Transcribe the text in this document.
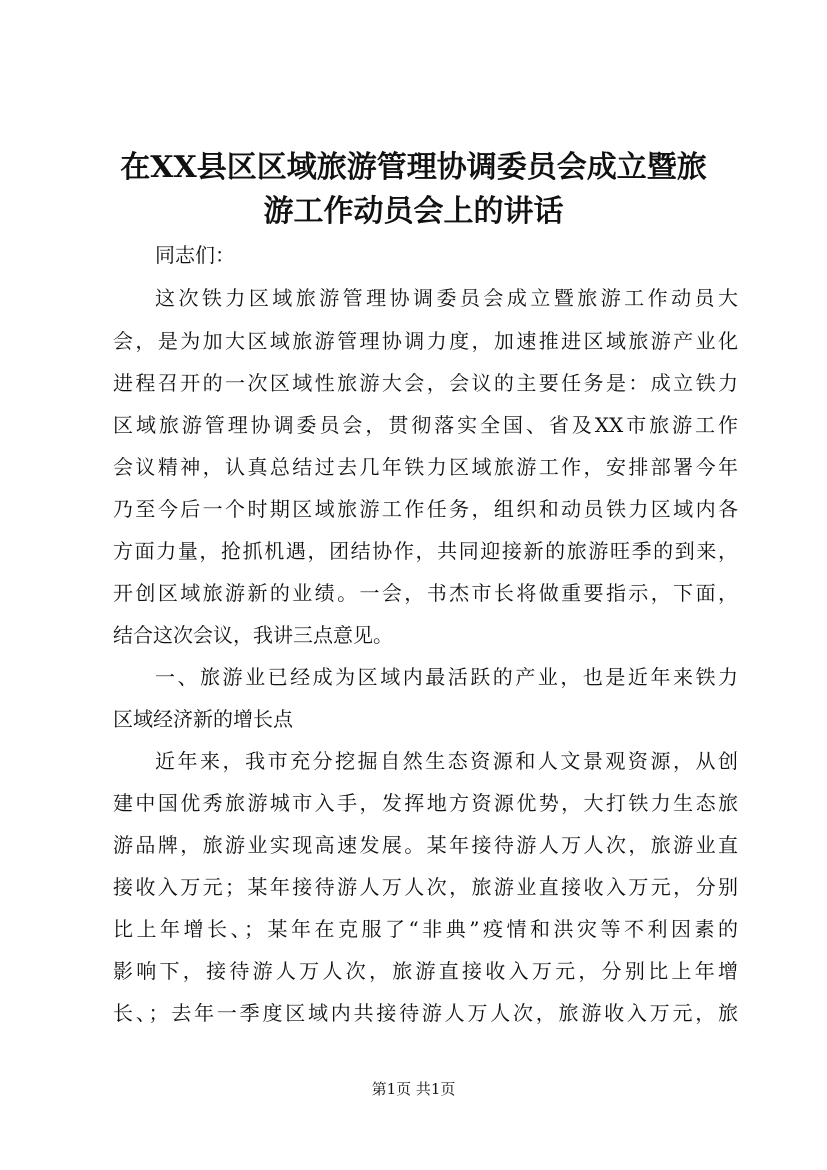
在XX县区区域旅游管理协调委员会成立暨旅
游工作动员会上的讲话
同志们：
这次铁力区域旅游管理协调委员会成立暨旅游工作动员大
会，是为加大区域旅游管理协调力度，加速推进区域旅游产业化
进程召开的一次区域性旅游大会，会议的主要任务是：成立铁力
区域旅游管理协调委员会，贯彻落实全国、省及XX市旅游工作
会议精神，认真总结过去几年铁力区域旅游工作，安排部署今年
乃至今后一个时期区域旅游工作任务，组织和动员铁力区域内各
方面力量，抢抓机遇，团结协作，共同迎接新的旅游旺季的到来，
开创区域旅游新的业绩。一会，书杰市长将做重要指示，下面，
结合这次会议，我讲三点意见。
一、旅游业已经成为区域内最活跃的产业，也是近年来铁力
区域经济新的增长点
近年来，我市充分挖掘自然生态资源和人文景观资源，从创
建中国优秀旅游城市入手，发挥地方资源优势，大打铁力生态旅
游品牌，旅游业实现高速发展。某年接待游人万人次，旅游业直
接收入万元；某年接待游人万人次，旅游业直接收入万元，分别
比上年增长、；某年在克服了“非典”疫情和洪灾等不利因素的
影响下，接待游人万人次，旅游直接收入万元，分别比上年增
长、；去年一季度区域内共接待游人万人次，旅游收入万元，旅
第1页 共1页
